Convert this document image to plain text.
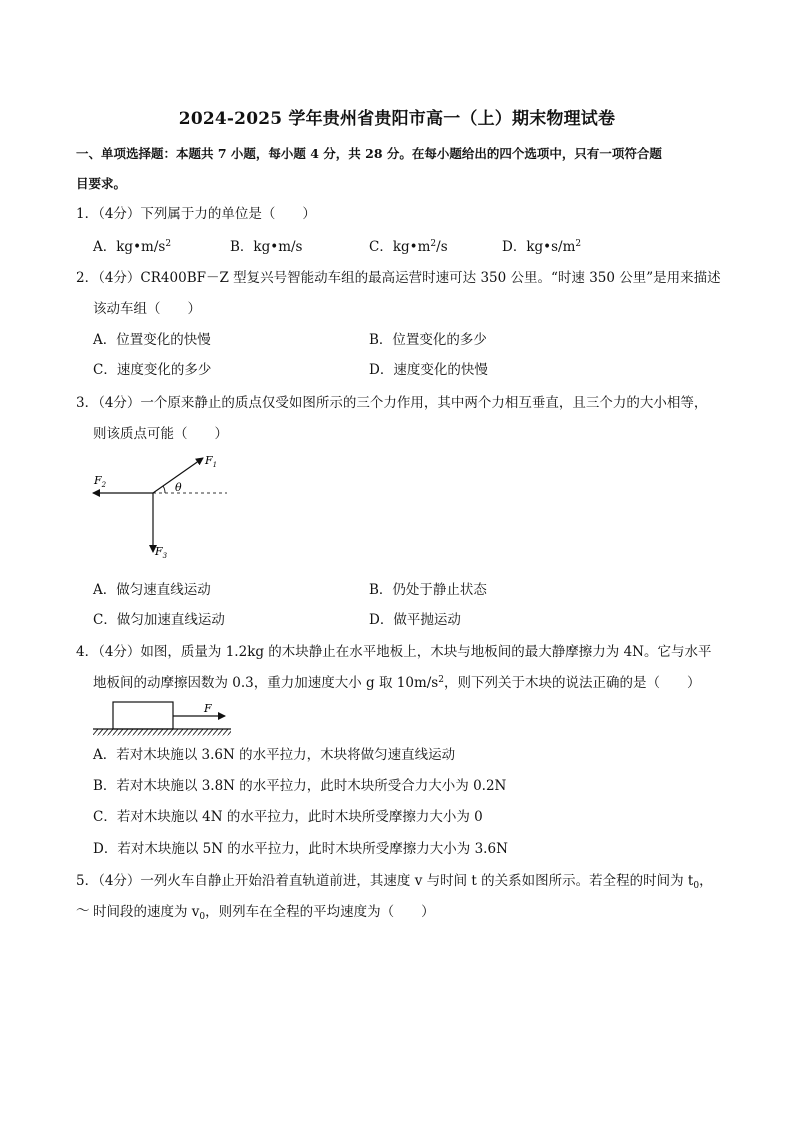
2024-2025 学年贵州省贵阳市高一（上）期末物理试卷
一、单项选择题：本题共 7 小题，每小题 4 分，共 28 分。在每小题给出的四个选项中，只有一项符合题
目要求。
1．（4分）下列属于力的单位是（　　）
A．$kg•m/s^2$	B．kg•m/s	C．$kg•m^2/s$	D．$kg•s/m^2$
2．（4分）CR400BF－Z 型复兴号智能动车组的最高运营时速可达 350 公里。“时速 350 公里”是用来描述
该动车组（　　）
A．位置变化的快慢	B．位置变化的多少
C．速度变化的多少	D．速度变化的快慢
3．（4分）一个原来静止的质点仅受如图所示的三个力作用，其中两个力相互垂直，且三个力的大小相等，
则该质点可能（　　）
$F_1$
$F_2$
$F_3$
θ
A．做匀速直线运动	B．仍处于静止状态
C．做匀加速直线运动	D．做平抛运动
4．（4分）如图，质量为 1.2kg 的木块静止在水平地板上，木块与地板间的最大静摩擦力为 4N。它与水平
地板间的动摩擦因数为 0.3，重力加速度大小 g 取 $10m/s^2$，则下列关于木块的说法正确的是（　　）
F
A．若对木块施以 3.6N 的水平拉力，木块将做匀速直线运动
B．若对木块施以 3.8N 的水平拉力，此时木块所受合力大小为 0.2N
C．若对木块施以 4N 的水平拉力，此时木块所受摩擦力大小为 0
D．若对木块施以 5N 的水平拉力，此时木块所受摩擦力大小为 3.6N
5．（4分）一列火车自静止开始沿着直轨道前进，其速度 v 与时间 t 的关系如图所示。若全程的时间为 $t_0$，～ 时间段的速度为 $v_0$，则列车在全程的平均速度为（　　）
